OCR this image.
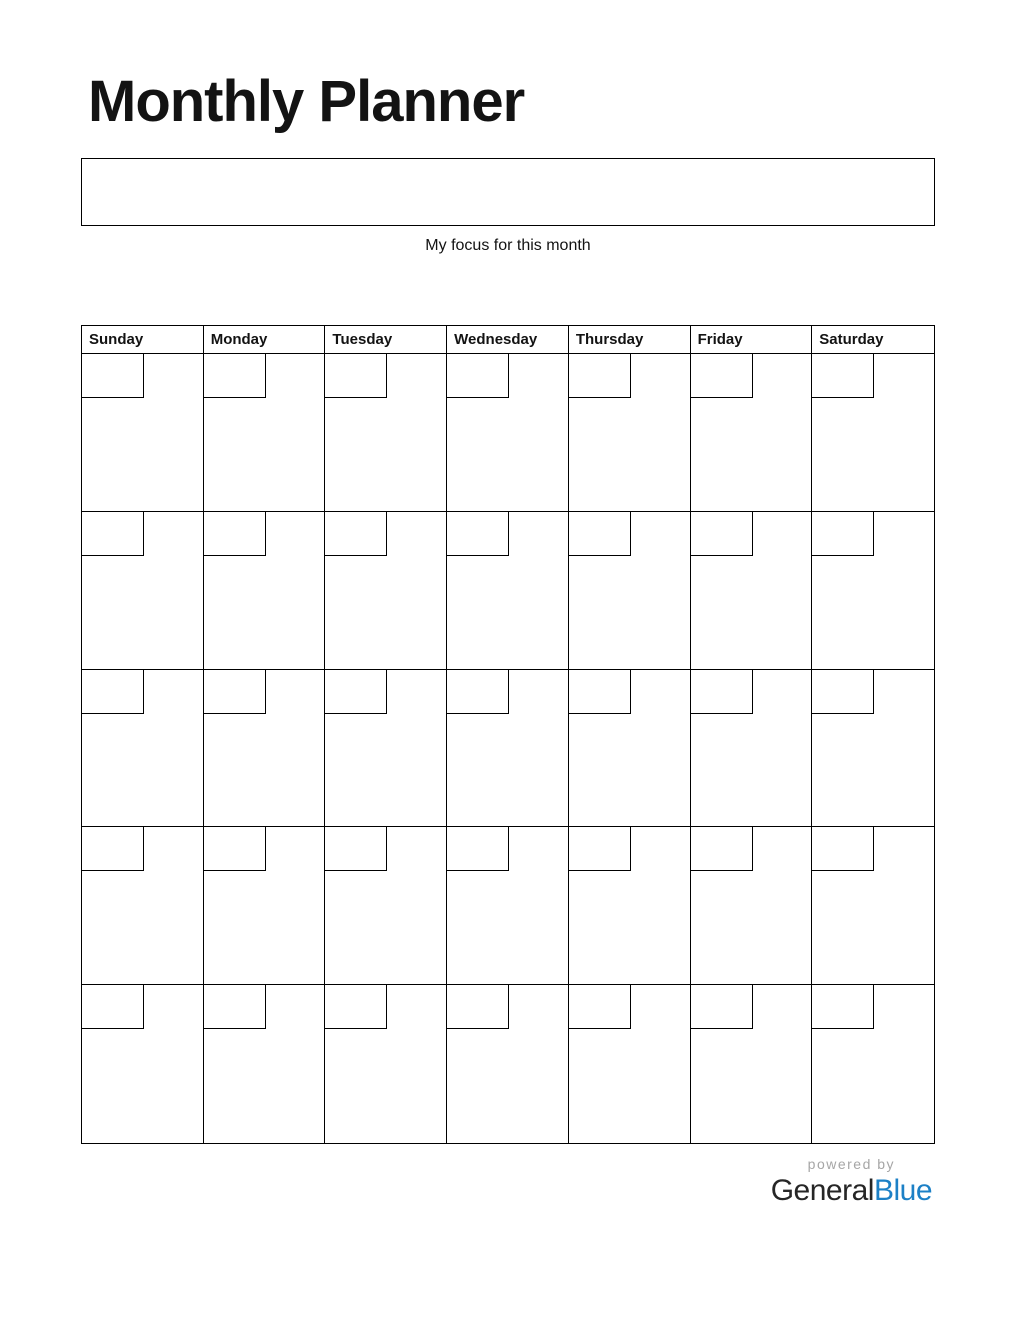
Monthly Planner
My focus for this month
Sunday	Monday	Tuesday	Wednesday	Thursday	Friday	Saturday
powered by
GeneralBlue
